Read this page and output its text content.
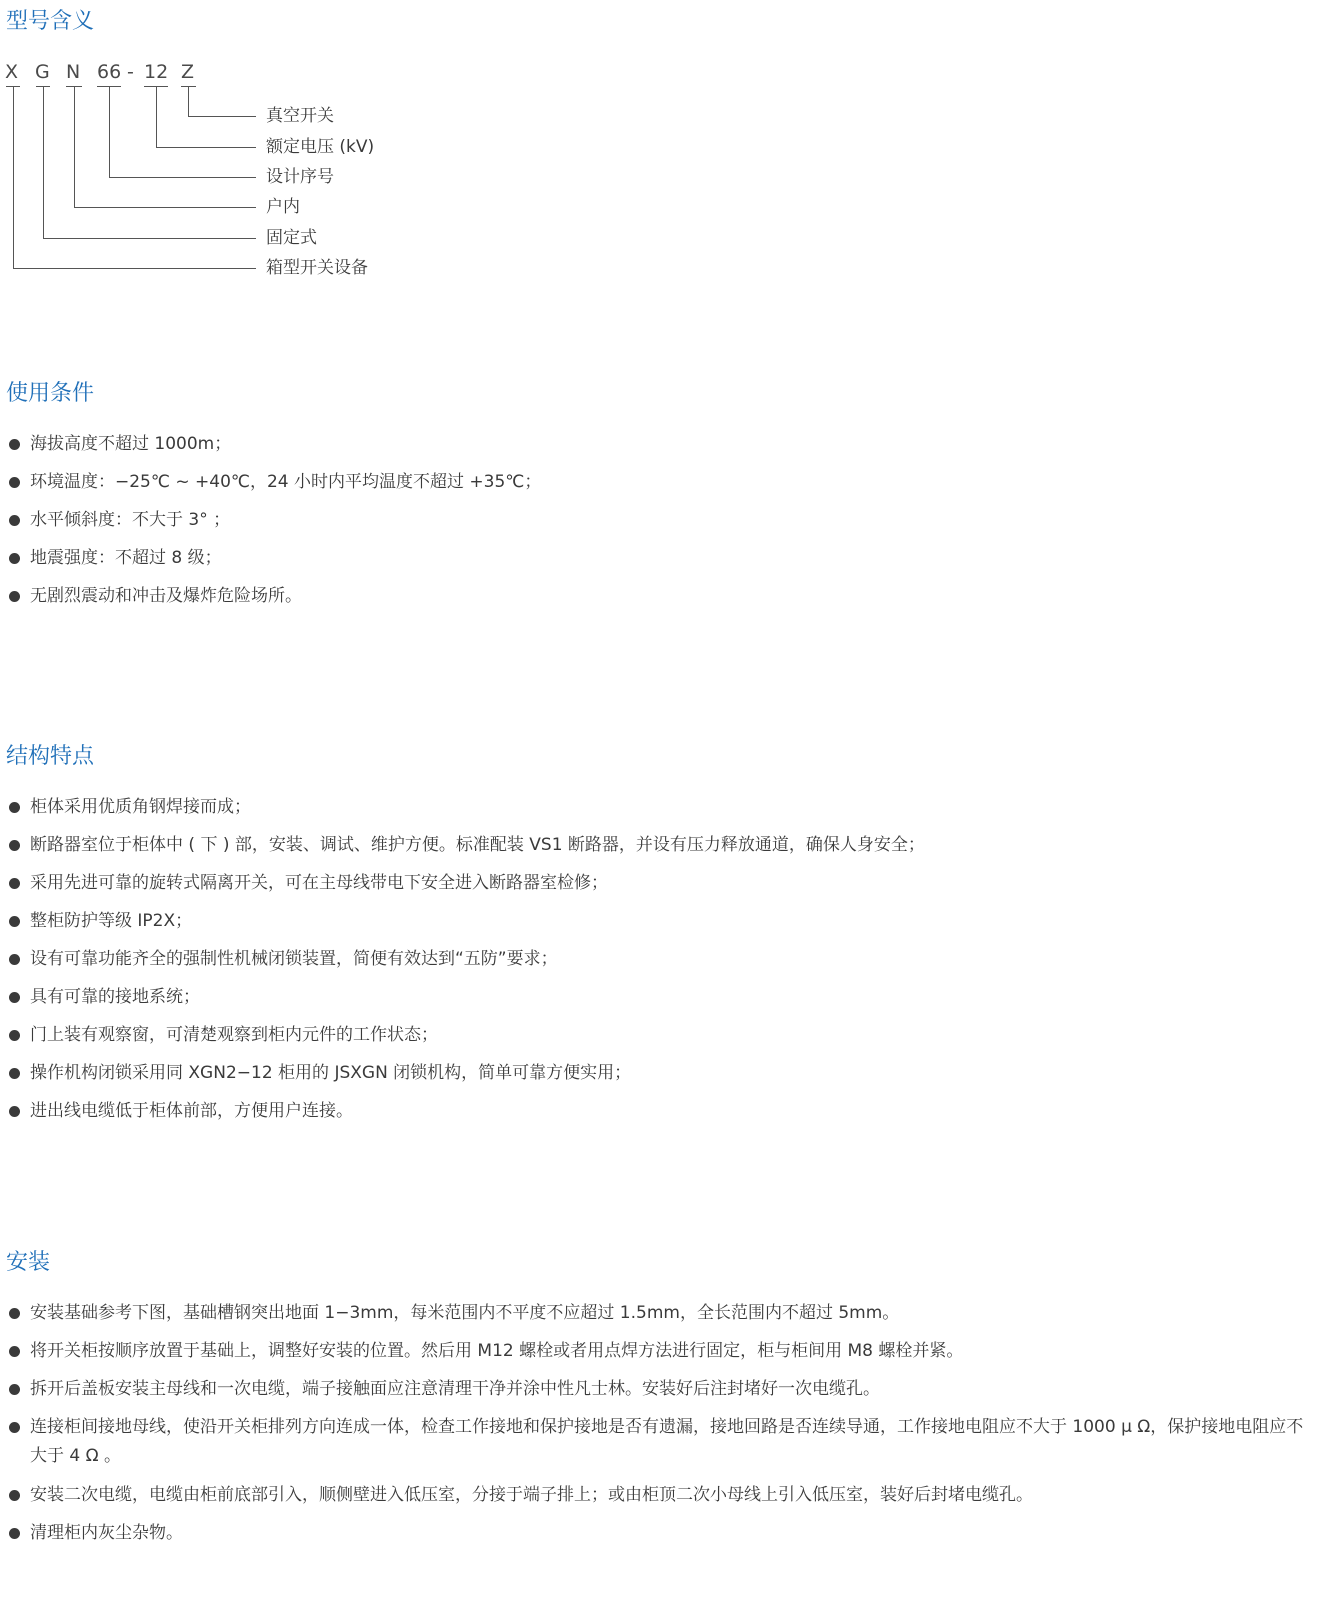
型号含义
X G N 66 - 12 Z
真空开关
额定电压 (kV)
设计序号
户内
固定式
箱型开关设备
使用条件
海拔高度不超过 1000m；
环境温度：−25℃ ~ +40℃，24 小时内平均温度不超过 +35℃；
水平倾斜度：不大于 3° ；
地震强度：不超过 8 级；
无剧烈震动和冲击及爆炸危险场所。
结构特点
柜体采用优质角钢焊接而成；
断路器室位于柜体中 ( 下 ) 部，安装、调试、维护方便。标准配装 VS1 断路器，并设有压力释放通道，确保人身安全；
采用先进可靠的旋转式隔离开关，可在主母线带电下安全进入断路器室检修；
整柜防护等级 IP2X；
设有可靠功能齐全的强制性机械闭锁装置，简便有效达到“五防”要求；
具有可靠的接地系统；
门上装有观察窗，可清楚观察到柜内元件的工作状态；
操作机构闭锁采用同 XGN2−12 柜用的 JSXGN 闭锁机构，简单可靠方便实用；
进出线电缆低于柜体前部，方便用户连接。
安装
安装基础参考下图，基础槽钢突出地面 1−3mm，每米范围内不平度不应超过 1.5mm，全长范围内不超过 5mm。
将开关柜按顺序放置于基础上，调整好安装的位置。然后用 M12 螺栓或者用点焊方法进行固定，柜与柜间用 M8 螺栓并紧。
拆开后盖板安装主母线和一次电缆，端子接触面应注意清理干净并涂中性凡士林。安装好后注封堵好一次电缆孔。
连接柜间接地母线，使沿开关柜排列方向连成一体，检查工作接地和保护接地是否有遗漏，接地回路是否连续导通，工作接地电阻应不大于 1000 μ Ω，保护接地电阻应不大于 4 Ω 。
安装二次电缆，电缆由柜前底部引入，顺侧壁进入低压室，分接于端子排上；或由柜顶二次小母线上引入低压室，装好后封堵电缆孔。
清理柜内灰尘杂物。
